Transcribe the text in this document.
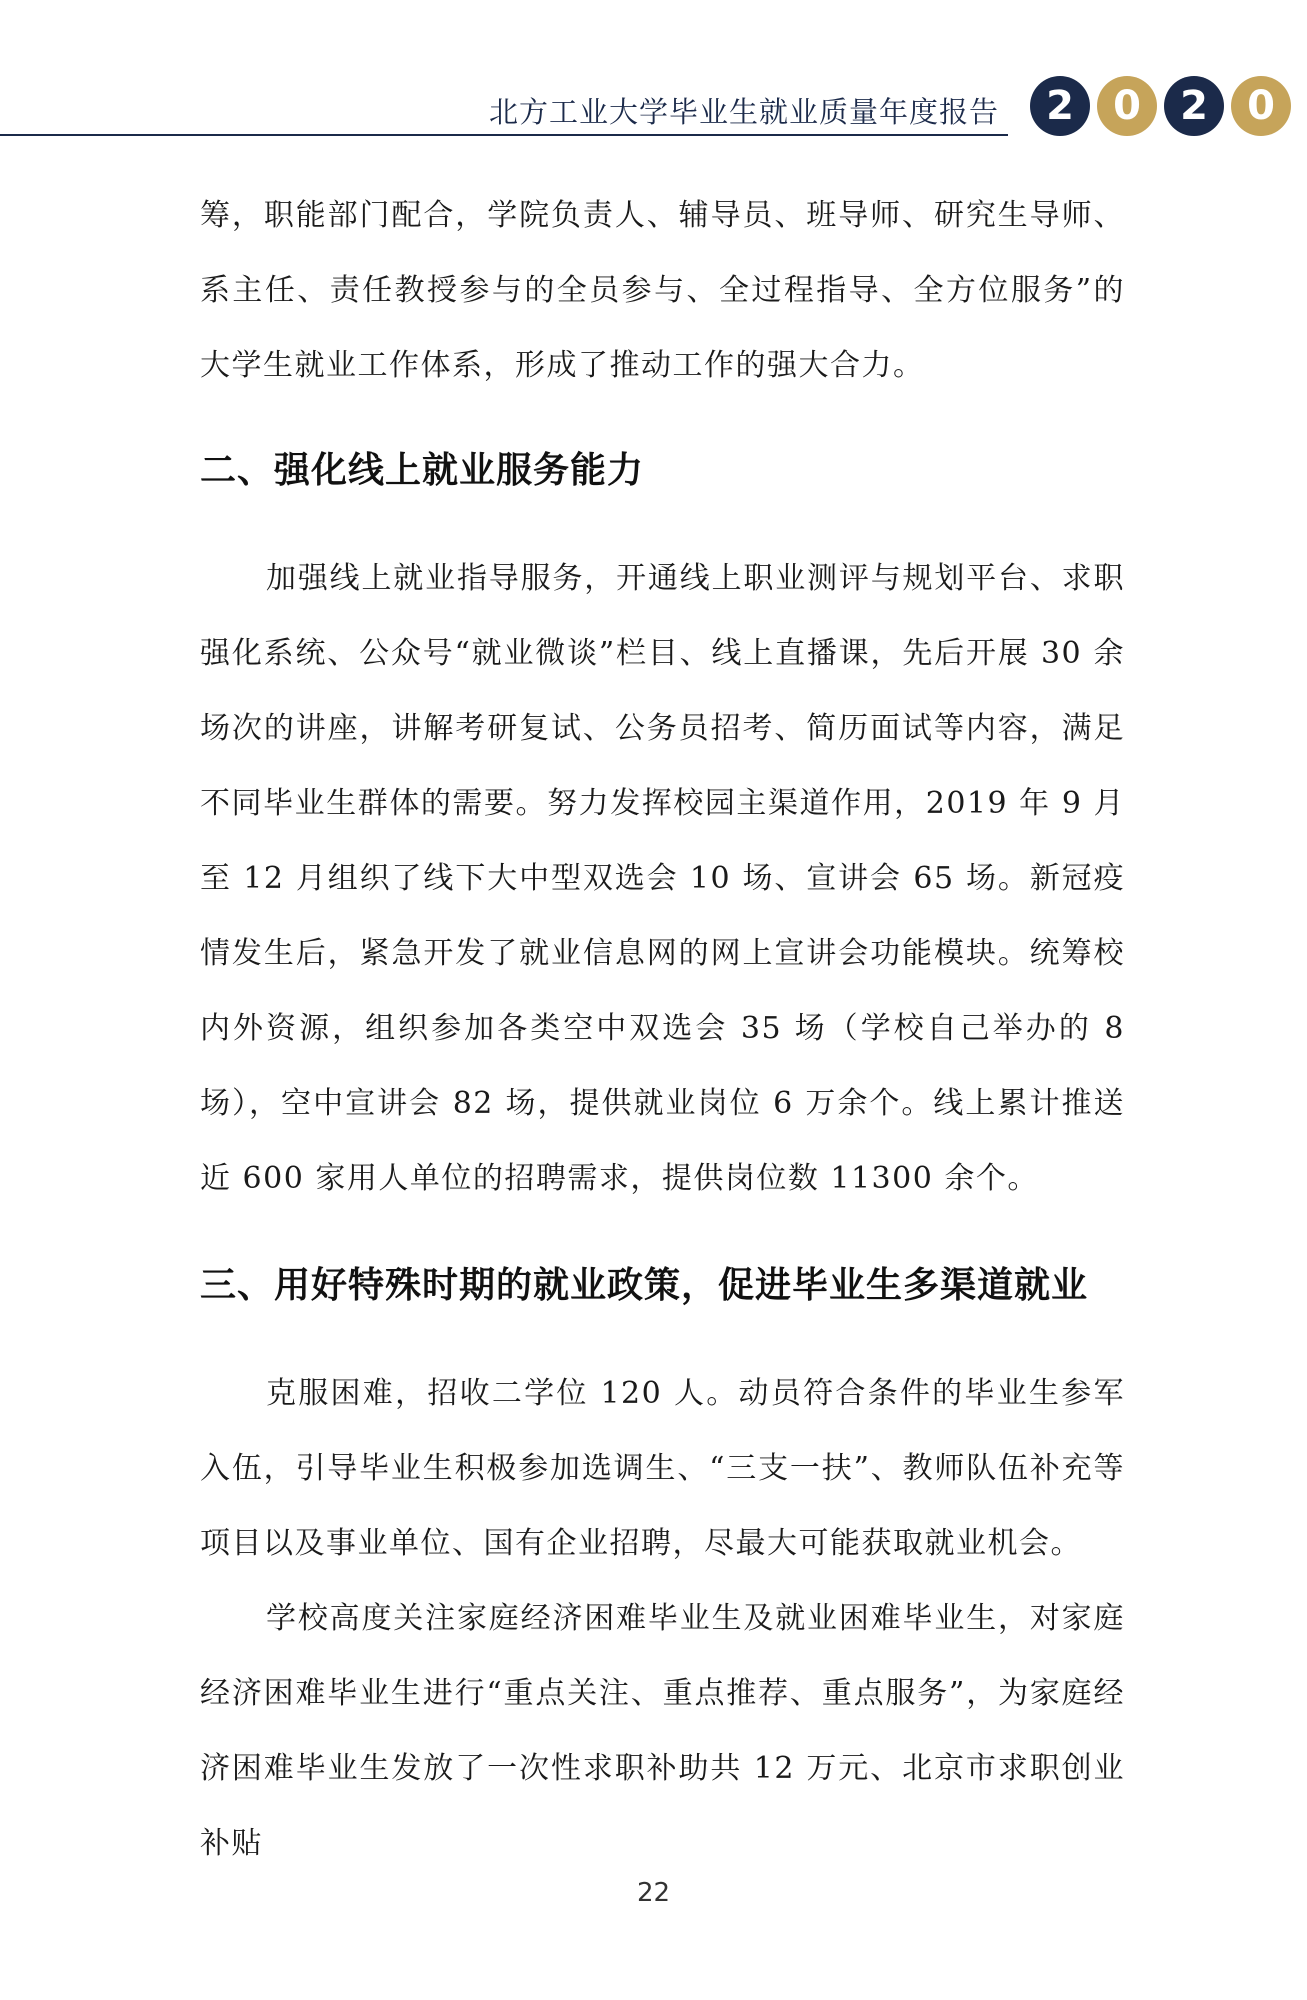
北方工业大学毕业生就业质量年度报告	2 0 2 0

筹，职能部门配合，学院负责人、辅导员、班导师、研究生导师、系主任、责任教授参与的全员参与、全过程指导、全方位服务”的大学生就业工作体系，形成了推动工作的强大合力。

二、强化线上就业服务能力

加强线上就业指导服务，开通线上职业测评与规划平台、求职强化系统、公众号“就业微谈”栏目、线上直播课，先后开展 30 余场次的讲座，讲解考研复试、公务员招考、简历面试等内容，满足不同毕业生群体的需要。努力发挥校园主渠道作用，2019 年 9 月至 12 月组织了线下大中型双选会 10 场、宣讲会 65 场。新冠疫情发生后，紧急开发了就业信息网的网上宣讲会功能模块。统筹校内外资源，组织参加各类空中双选会 35 场（学校自己举办的 8 场），空中宣讲会 82 场，提供就业岗位 6 万余个。线上累计推送近 600 家用人单位的招聘需求，提供岗位数 11300 余个。

三、用好特殊时期的就业政策，促进毕业生多渠道就业

克服困难，招收二学位 120 人。动员符合条件的毕业生参军入伍，引导毕业生积极参加选调生、“三支一扶”、教师队伍补充等项目以及事业单位、国有企业招聘，尽最大可能获取就业机会。

学校高度关注家庭经济困难毕业生及就业困难毕业生，对家庭经济困难毕业生进行“重点关注、重点推荐、重点服务”，为家庭经济困难毕业生发放了一次性求职补助共 12 万元、北京市求职创业补贴

22
